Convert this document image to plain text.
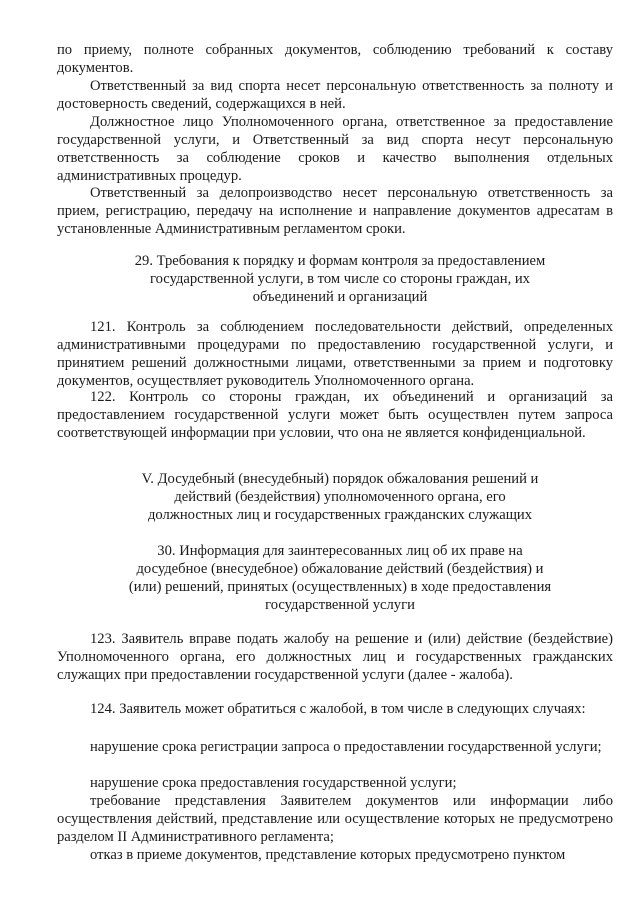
по приему, полноте собранных документов, соблюдению требований к составу документов.

Ответственный за вид спорта несет персональную ответственность за полноту и достоверность сведений, содержащихся в ней.

Должностное лицо Уполномоченного органа, ответственное за предоставление государственной услуги, и Ответственный за вид спорта несут персональную ответственность за соблюдение сроков и качество выполнения отдельных административных процедур.

Ответственный за делопроизводство несет персональную ответственность за прием, регистрацию, передачу на исполнение и направление документов адресатам в установленные Административным регламентом сроки.

29. Требования к порядку и формам контроля за предоставлением
государственной услуги, в том числе со стороны граждан, их
объединений и организаций

121. Контроль за соблюдением последовательности действий, определенных административными процедурами по предоставлению государственной услуги, и принятием решений должностными лицами, ответственными за прием и подготовку документов, осуществляет руководитель Уполномоченного органа.

122. Контроль со стороны граждан, их объединений и организаций за предоставлением государственной услуги может быть осуществлен путем запроса соответствующей информации при условии, что она не является конфиденциальной.

V. Досудебный (внесудебный) порядок обжалования решений и
действий (бездействия) уполномоченного органа, его
должностных лиц и государственных гражданских служащих
30. Информация для заинтересованных лиц об их праве на
досудебное (внесудебное) обжалование действий (бездействия) и
(или) решений, принятых (осуществленных) в ходе предоставления
государственной услуги

123. Заявитель вправе подать жалобу на решение и (или) действие (бездействие) Уполномоченного органа, его должностных лиц и государственных гражданских служащих при предоставлении государственной услуги (далее - жалоба).

124. Заявитель может обратиться с жалобой, в том числе в следующих случаях:

нарушение срока регистрации запроса о предоставлении государственной услуги;

нарушение срока предоставления государственной услуги;

требование представления Заявителем документов или информации либо осуществления действий, представление или осуществление которых не предусмотрено разделом II Административного регламента;

отказ в приеме документов, представление которых предусмотрено пунктом
